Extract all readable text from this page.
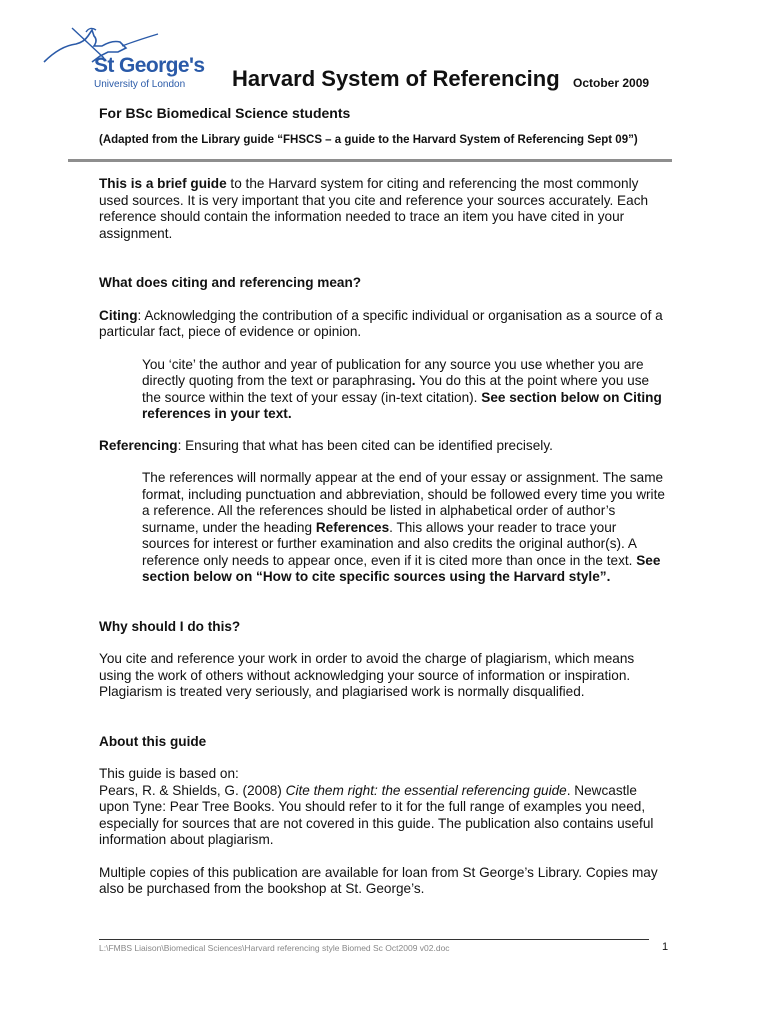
St George's
University of London Harvard System of Referencing October 2009
For BSc Biomedical Science students
(Adapted from the Library guide “FHSCS – a guide to the Harvard System of Referencing Sept 09”)

This is a brief guide to the Harvard system for citing and referencing the most commonly used sources. It is very important that you cite and reference your sources accurately. Each reference should contain the information needed to trace an item you have cited in your assignment.

What does citing and referencing mean?

Citing: Acknowledging the contribution of a specific individual or organisation as a source of a particular fact, piece of evidence or opinion.

You ‘cite’ the author and year of publication for any source you use whether you are directly quoting from the text or paraphrasing. You do this at the point where you use the source within the text of your essay (in-text citation). See section below on Citing references in your text.

Referencing: Ensuring that what has been cited can be identified precisely.

The references will normally appear at the end of your essay or assignment. The same format, including punctuation and abbreviation, should be followed every time you write a reference. All the references should be listed in alphabetical order of author’s surname, under the heading References. This allows your reader to trace your sources for interest or further examination and also credits the original author(s). A reference only needs to appear once, even if it is cited more than once in the text. See section below on “How to cite specific sources using the Harvard style”.

Why should I do this?

You cite and reference your work in order to avoid the charge of plagiarism, which means using the work of others without acknowledging your source of information or inspiration. Plagiarism is treated very seriously, and plagiarised work is normally disqualified.

About this guide

This guide is based on:

Pears, R. & Shields, G. (2008) Cite them right: the essential referencing guide. Newcastle upon Tyne: Pear Tree Books. You should refer to it for the full range of examples you need, especially for sources that are not covered in this guide. The publication also contains useful information about plagiarism.

Multiple copies of this publication are available for loan from St George’s Library. Copies may also be purchased from the bookshop at St. George’s.

L:\FMBS Liaison\Biomedical Sciences\Harvard referencing style Biomed Sc Oct2009 v02.doc	1
